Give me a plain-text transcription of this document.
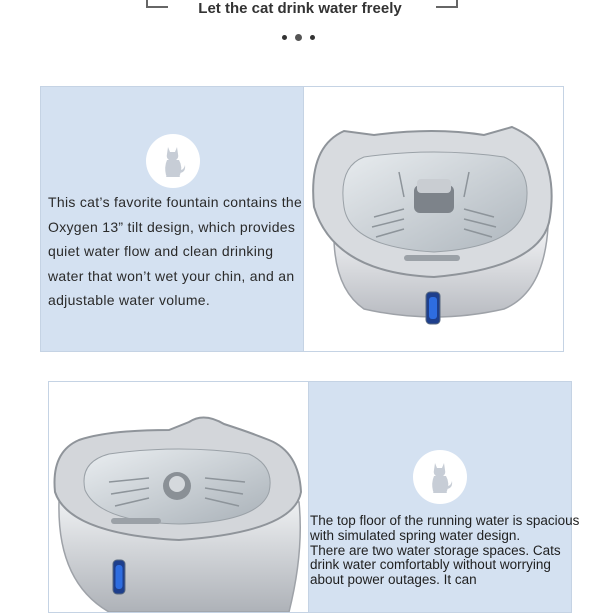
Let the cat drink water freely
This cat’s favorite fountain contains the Oxygen 13” tilt design, which provides quiet water flow and clean drinking water that won’t wet your chin, and an adjustable water volume.

The top floor of the running water is spacious with simulated spring water design.

There are two water storage spaces. Cats drink water comfortably without worrying about power outages. It can
